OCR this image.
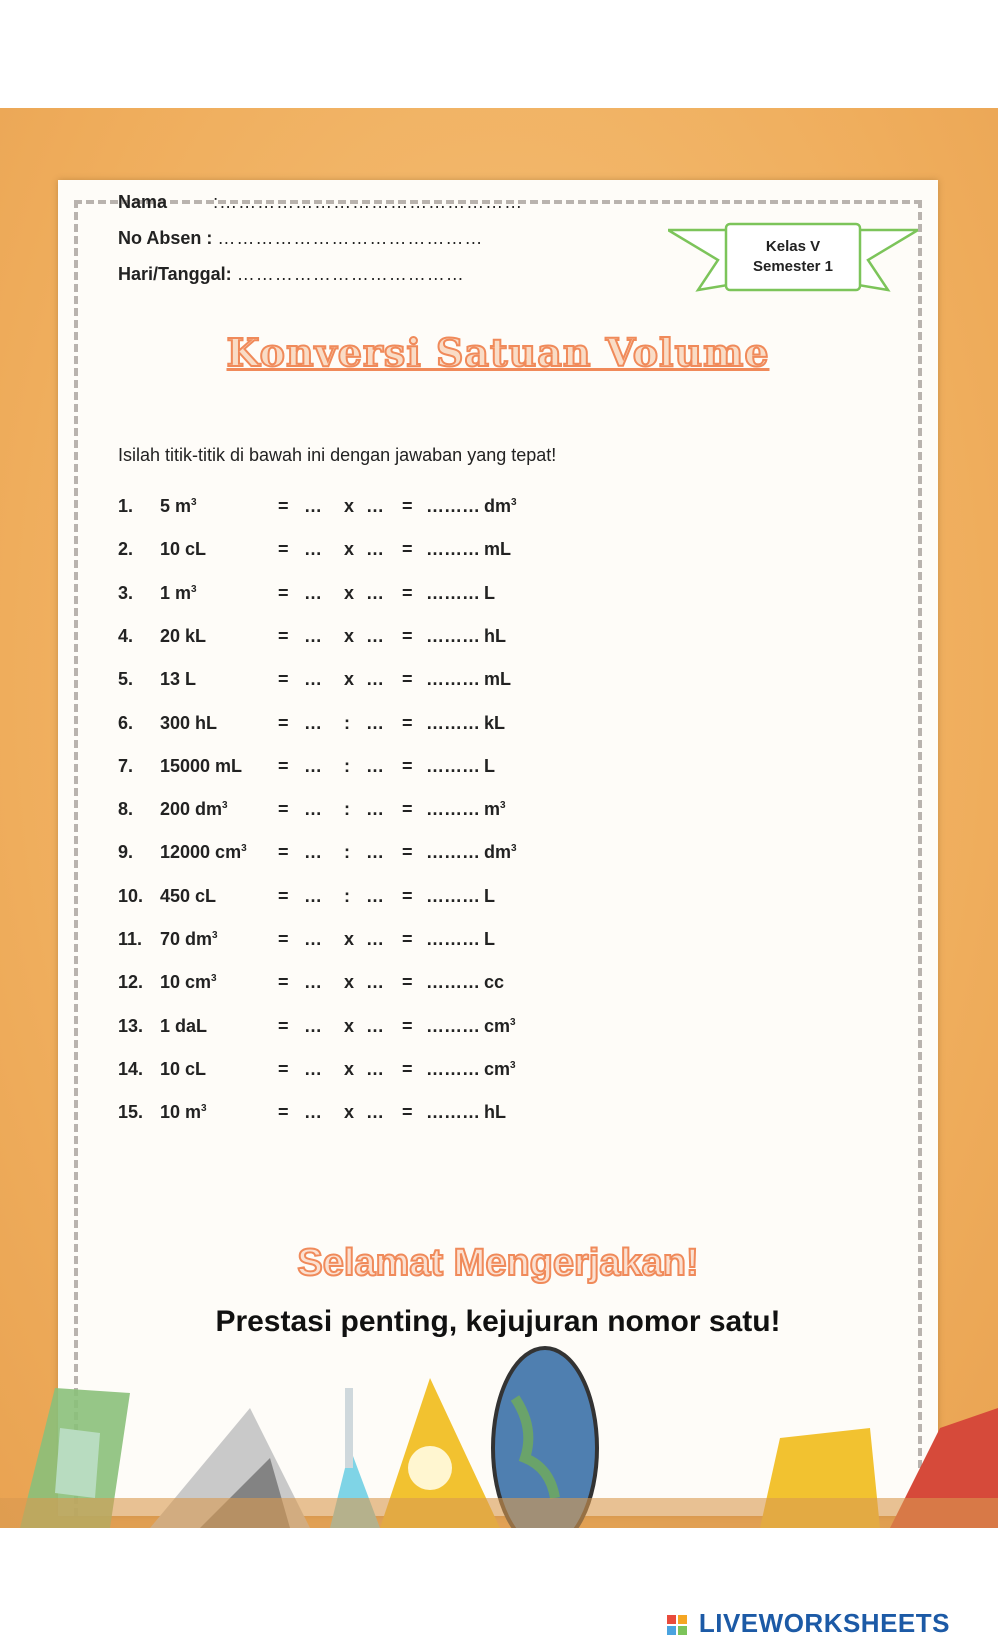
Nama	:…………………………………………
No Absen : ……………………………………
Hari/Tanggal: ………………………………
Kelas V
Semester 1
Konversi Satuan Volume
Isilah titik-titik di bawah ini dengan jawaban yang tepat!
1. 5 $m^3$	= … x … = ……… $dm^3$
2. 10 cL	= … x … = ……… mL
3. 1 $m^3$	= … x … = ……… L
4. 20 kL	= … x … = ……… hL
5. 13 L	= … x … = ……… mL
6. 300 hL	= … : … = ……… kL
7. 15000 mL = … : … = ……… L
8. 200 $dm^3$	= … : … = ……… $m^3$
9. 12000 $cm^3$ = … : … = ……… $dm^3$
10. 450 cL	= … : … = ……… L
11. 70 $dm^3$	= … x … = ……… L
12. 10 $cm^3$	= … x … = ……… cc
13. 1 daL	= … x … = ……… $cm^3$
14. 10 cL	= … x … = ……… $cm^3$
15. 10 $m^3$	= … x … = ……… hL
Selamat Mengerjakan!
Prestasi penting, kejujuran nomor satu!
LIVEWORKSHEETS
